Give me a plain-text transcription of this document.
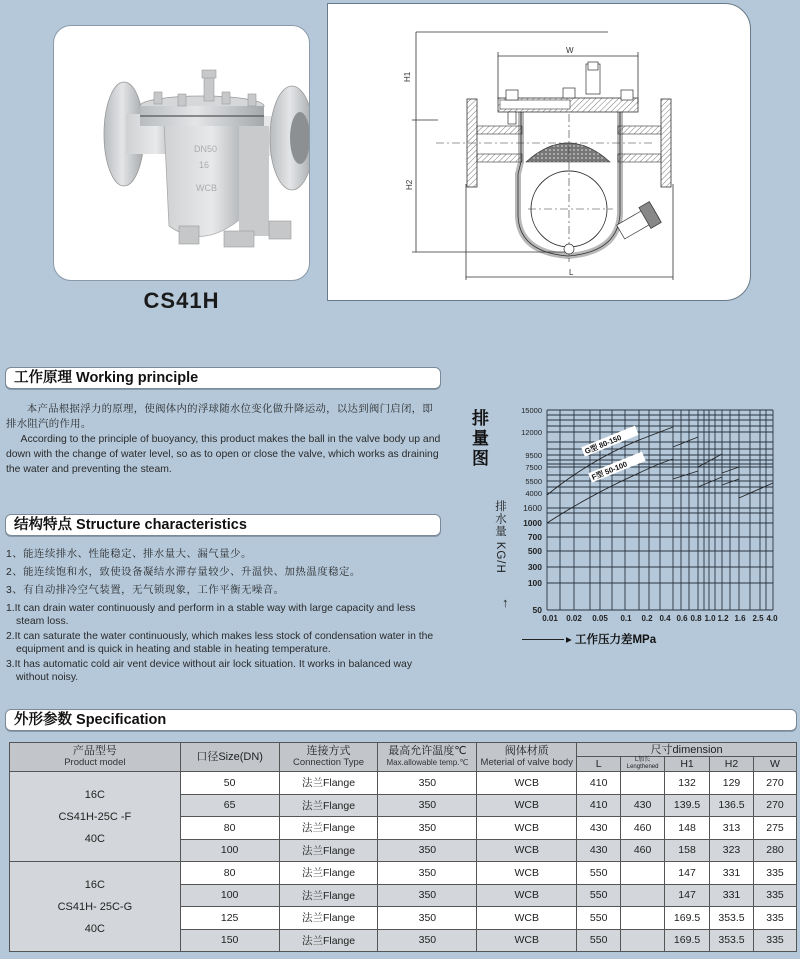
DN50
16
WCB
CS41H
W
H1
H2
L
工作原理 Working principle
本产品根据浮力的原理，使阀体内的浮球随水位变化做升降运动，以达到阀门启闭，即排水阻汽的作用。
According to the principle of buoyancy, this product makes the ball in the valve body up and down with the change of water level, so as to open or close the valve, which works as draining the water and preventing the steam.
结构特点 Structure characteristics
1、能连续排水、性能稳定、排水量大、漏气量少。
2、能连续饱和水，致使设备凝结水滞存量较少、升温快、加热温度稳定。
3、有自动排冷空气装置，无气锁现象，工作平衡无噪音。
1.It can drain water continuously and perform in a stable way with large capacity and less steam loss.
2.It can saturate the water continuously, which makes less stock of condensation water in the equipment and is quick in heating and stable in heating temperature.
3.It has automatic cold air vent device without air lock situation. It works in balanced way without noisy.
排量图
排水量 KG/H
↑
▸ 工作压力差MPa
50
100
300
500
700
1000
1600
4000
5500
7500
9500
12000
15000
0.01 0.02 0.05 0.1 0.2 0.4 0.6 0.8 1.0 1.2 1.6 2.5 4.0
G型 80-150
F型 50-100
外形参数 Specification
产品型号
Product model	口径Size(DN)	连接方式
Connection Type

最高允许温度℃
Max.allowable temp.℃

阀体材质
Meterial of valve body

尺寸dimension

					L	L加长
Lengthened	H1	H2	W

16C
CS41H-25C -F
40C	50	法兰Flange	350	WCB	410		132	129	270
	65	法兰Flange	350	WCB	410	430	139.5	136.5	270
	80	法兰Flange	350	WCB	430	460	148	313	275
	100	法兰Flange	350	WCB	430	460	158	323	280

16C
CS41H- 25C-G
40C	80	法兰Flange	350	WCB	550		147	331	335
	100	法兰Flange	350	WCB	550		147	331	335
	125	法兰Flange	350	WCB	550		169.5	353.5	335
	150	法兰Flange	350	WCB	550		169.5	353.5	335
